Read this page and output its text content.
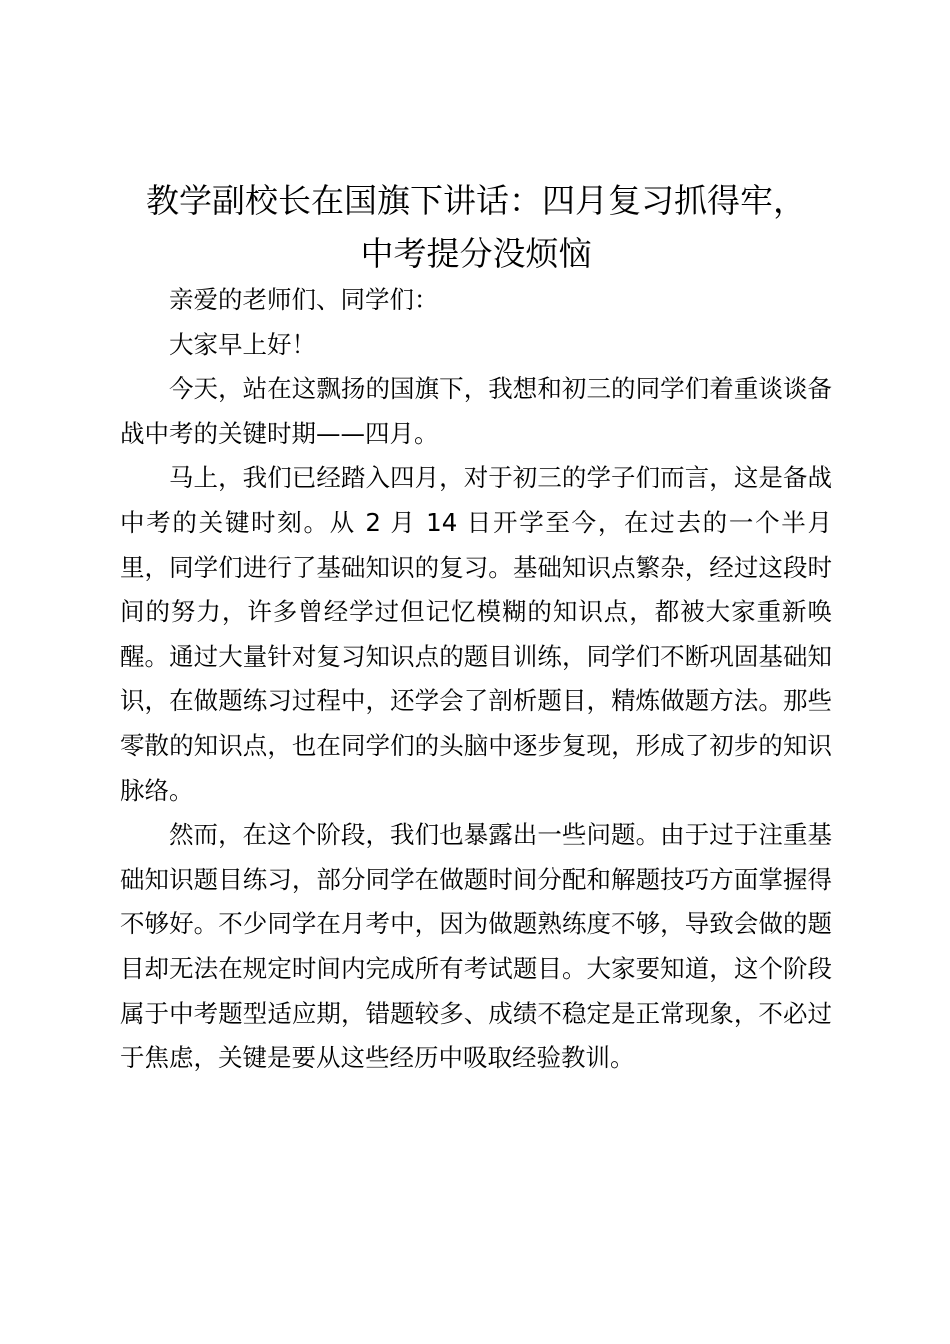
教学副校长在国旗下讲话：四月复习抓得牢，
中考提分没烦恼

亲爱的老师们、同学们：

大家早上好！

今天，站在这飘扬的国旗下，我想和初三的同学们着重谈谈备战中考的关键时期——四月。

马上，我们已经踏入四月，对于初三的学子们而言，这是备战中考的关键时刻。从 2 月 14 日开学至今，在过去的一个半月里，同学们进行了基础知识的复习。基础知识点繁杂，经过这段时间的努力，许多曾经学过但记忆模糊的知识点，都被大家重新唤醒。通过大量针对复习知识点的题目训练，同学们不断巩固基础知识，在做题练习过程中，还学会了剖析题目，精炼做题方法。那些零散的知识点，也在同学们的头脑中逐步复现，形成了初步的知识脉络。

然而，在这个阶段，我们也暴露出一些问题。由于过于注重基础知识题目练习，部分同学在做题时间分配和解题技巧方面掌握得不够好。不少同学在月考中，因为做题熟练度不够，导致会做的题目却无法在规定时间内完成所有考试题目。大家要知道，这个阶段属于中考题型适应期，错题较多、成绩不稳定是正常现象，不必过于焦虑，关键是要从这些经历中吸取经验教训。
